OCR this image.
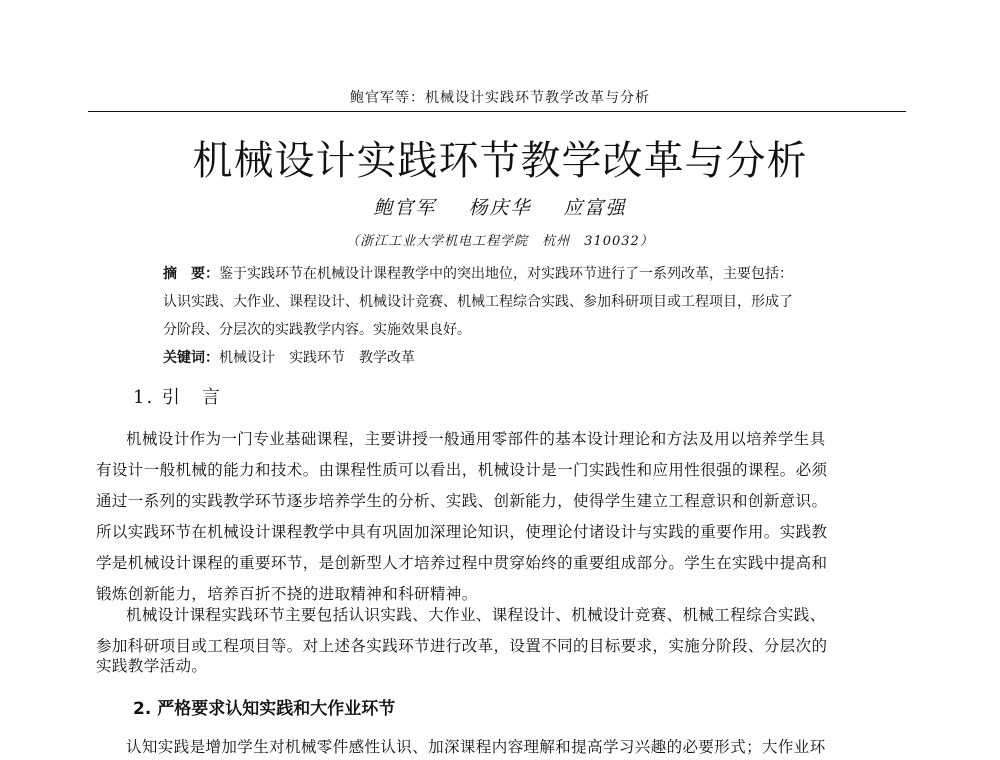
鲍官军等：机械设计实践环节教学改革与分析
机械设计实践环节教学改革与分析
鲍官军 杨庆华 应富强
（浙江工业大学机电工程学院　杭州　310032）
摘　要：鉴于实践环节在机械设计课程教学中的突出地位，对实践环节进行了一系列改革，主要包括：
认识实践、大作业、课程设计、机械设计竞赛、机械工程综合实践、参加科研项目或工程项目，形成了
分阶段、分层次的实践教学内容。实施效果良好。
关键词：机械设计　实践环节　教学改革
1. 引　言
机械设计作为一门专业基础课程，主要讲授一般通用零部件的基本设计理论和方法及用以培养学生具
有设计一般机械的能力和技术。由课程性质可以看出，机械设计是一门实践性和应用性很强的课程。必须
通过一系列的实践教学环节逐步培养学生的分析、实践、创新能力，使得学生建立工程意识和创新意识。
所以实践环节在机械设计课程教学中具有巩固加深理论知识，使理论付诸设计与实践的重要作用。实践教
学是机械设计课程的重要环节，是创新型人才培养过程中贯穿始终的重要组成部分。学生在实践中提高和
锻炼创新能力，培养百折不挠的进取精神和科研精神。
机械设计课程实践环节主要包括认识实践、大作业、课程设计、机械设计竞赛、机械工程综合实践、
参加科研项目或工程项目等。对上述各实践环节进行改革，设置不同的目标要求，实施分阶段、分层次的
实践教学活动。
2. 严格要求认知实践和大作业环节
认知实践是增加学生对机械零件感性认识、加深课程内容理解和提高学习兴趣的必要形式；大作业环
